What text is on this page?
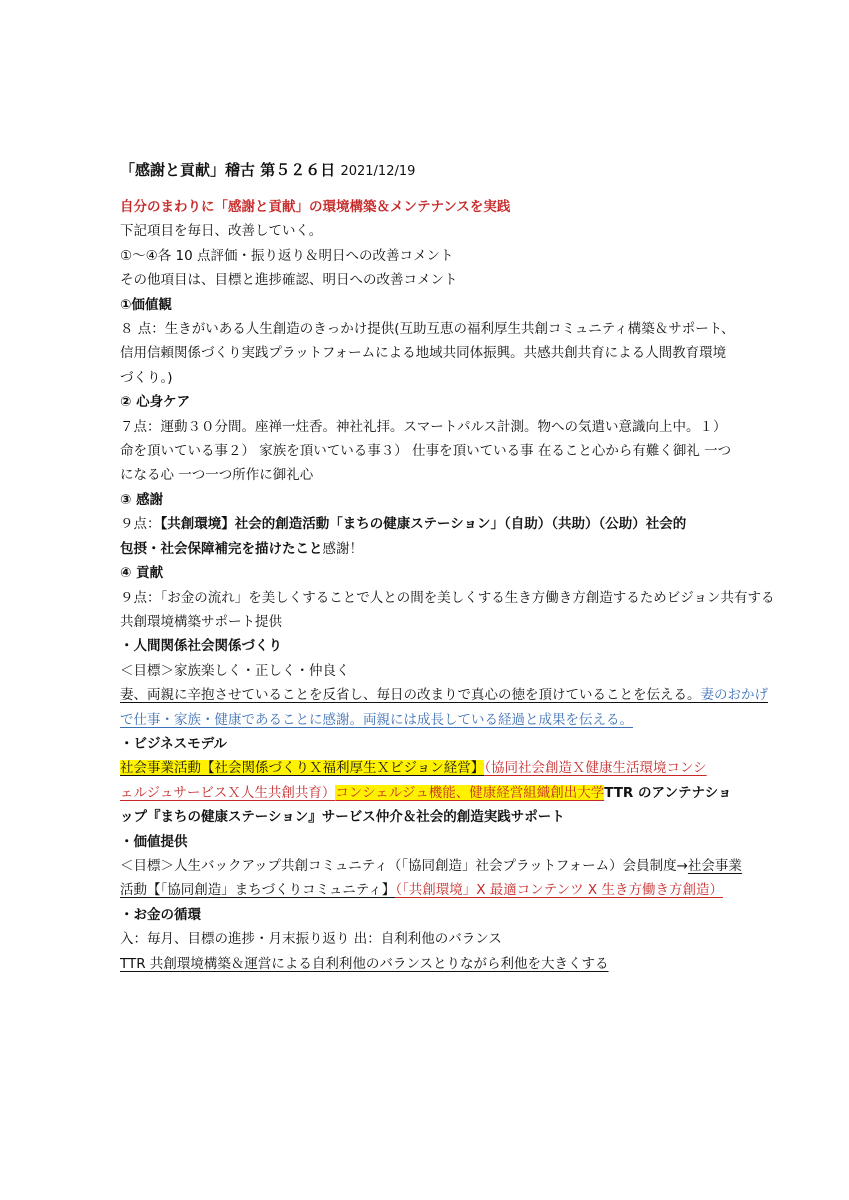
「感謝と貢献」稽古 第５２６日 2021/12/19
自分のまわりに「感謝と貢献」の環境構築＆メンテナンスを実践
下記項目を毎日、改善していく。
①～④各 10 点評価・振り返り＆明日への改善コメント
その他項目は、目標と進捗確認、明日への改善コメント
①価値観
８ 点：生きがいある人生創造のきっかけ提供(互助互恵の福利厚生共創コミュニティ構築＆サポート、
信用信頼関係づくり実践プラットフォームによる地域共同体振興。共感共創共育による人間教育環境
づくり。)
② 心身ケア
７点：運動３０分間。座禅一炷香。神社礼拝。スマートパルス計測。物への気遣い意識向上中。１）
命を頂いている事２） 家族を頂いている事３） 仕事を頂いている事 在ること心から有難く御礼 一つ
になる心 一つ一つ所作に御礼心
③ 感謝
９点：【共創環境】社会的創造活動「まちの健康ステーション」（自助）（共助）（公助）社会的
包摂・社会保障補完を描けたこと感謝！
④ 貢献
９点：「お金の流れ」を美しくすることで人との間を美しくする生き方働き方創造するためビジョン共有する
共創環境構築サポート提供
・人間関係社会関係づくり
＜目標＞家族楽しく・正しく・仲良く
妻、両親に辛抱させていることを反省し、毎日の改まりで真心の徳を頂けていることを伝える。妻のおかげ
で仕事・家族・健康であることに感謝。両親には成長している経過と成果を伝える。
・ビジネスモデル
社会事業活動【社会関係づくりＸ福利厚生Ｘビジョン経営】（協同社会創造Ｘ健康生活環境コンシ
ェルジュサービスＸ人生共創共育）コンシェルジュ機能、健康経営組織創出大学TTR のアンテナショ
ップ『まちの健康ステーション』サービス仲介＆社会的創造実践サポート
・価値提供
＜目標＞人生バックアップ共創コミュニティ（「協同創造」社会プラットフォーム）会員制度→社会事業
活動【「協同創造」まちづくりコミュニティ】（「共創環境」X 最適コンテンツ X 生き方働き方創造）
・お金の循環
入：毎月、目標の進捗・月末振り返り 出：自利利他のバランス
TTR 共創環境構築＆運営による自利利他のバランスとりながら利他を大きくする
